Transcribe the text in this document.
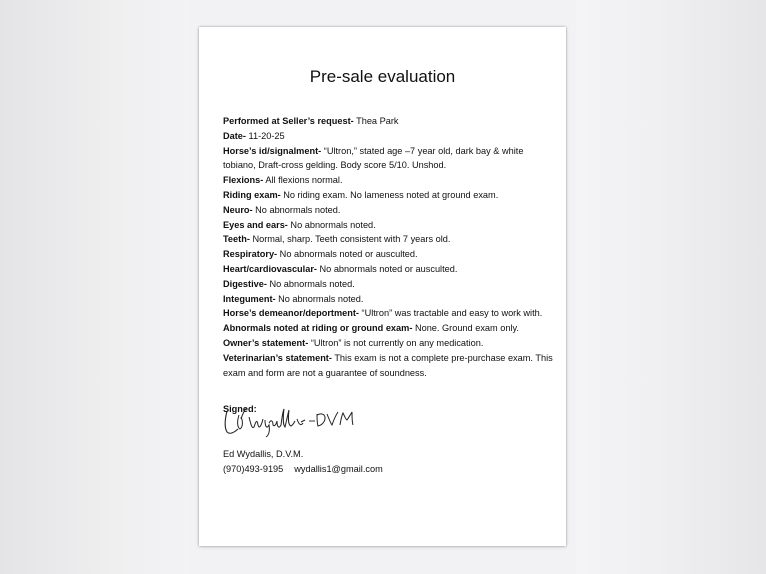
Pre-sale evaluation

Performed at Seller’s request- Thea Park

Date- 11-20-25

Horse’s id/signalment- “Ultron,” stated age –7 year old, dark bay & white tobiano, Draft-cross gelding. Body score 5/10. Unshod.

Flexions- All flexions normal.

Riding exam- No riding exam. No lameness noted at ground exam.

Neuro- No abnormals noted.

Eyes and ears- No abnormals noted.

Teeth- Normal, sharp. Teeth consistent with 7 years old.

Respiratory- No abnormals noted or ausculted.

Heart/cardiovascular- No abnormals noted or ausculted.

Digestive- No abnormals noted.

Integument- No abnormals noted.

Horse’s demeanor/deportment- “Ultron” was tractable and easy to work with.

Abnormals noted at riding or ground exam- None. Ground exam only.

Owner’s statement- “Ultron” is not currently on any medication.

Veterinarian’s statement- This exam is not a complete pre-purchase exam. This exam and form are not a guarantee of soundness.

Signed:

Ed Wydallis, D.V.M.
(970)493-9195 wydallis1@gmail.com
